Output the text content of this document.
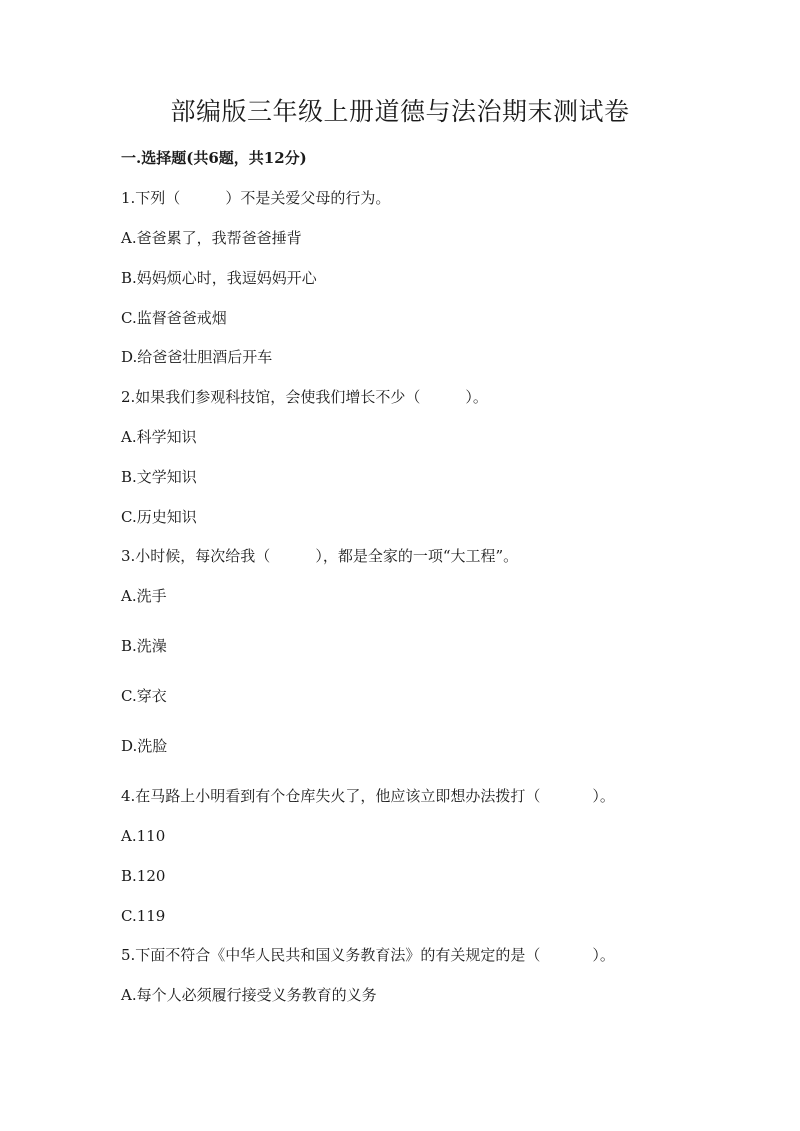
部编版三年级上册道德与法治期末测试卷
一.选择题(共6题，共12分)
1.下列（	）不是关爱父母的行为。
A.爸爸累了，我帮爸爸捶背
B.妈妈烦心时，我逗妈妈开心
C.监督爸爸戒烟
D.给爸爸壮胆酒后开车
2.如果我们参观科技馆，会使我们增长不少（	）。
A.科学知识
B.文学知识
C.历史知识
3.小时候，每次给我（	），都是全家的一项“大工程”。
A.洗手
B.洗澡
C.穿衣
D.洗脸
4.在马路上小明看到有个仓库失火了，他应该立即想办法拨打（	）。
A.110
B.120
C.119
5.下面不符合《中华人民共和国义务教育法》的有关规定的是（	）。
A.每个人必须履行接受义务教育的义务
